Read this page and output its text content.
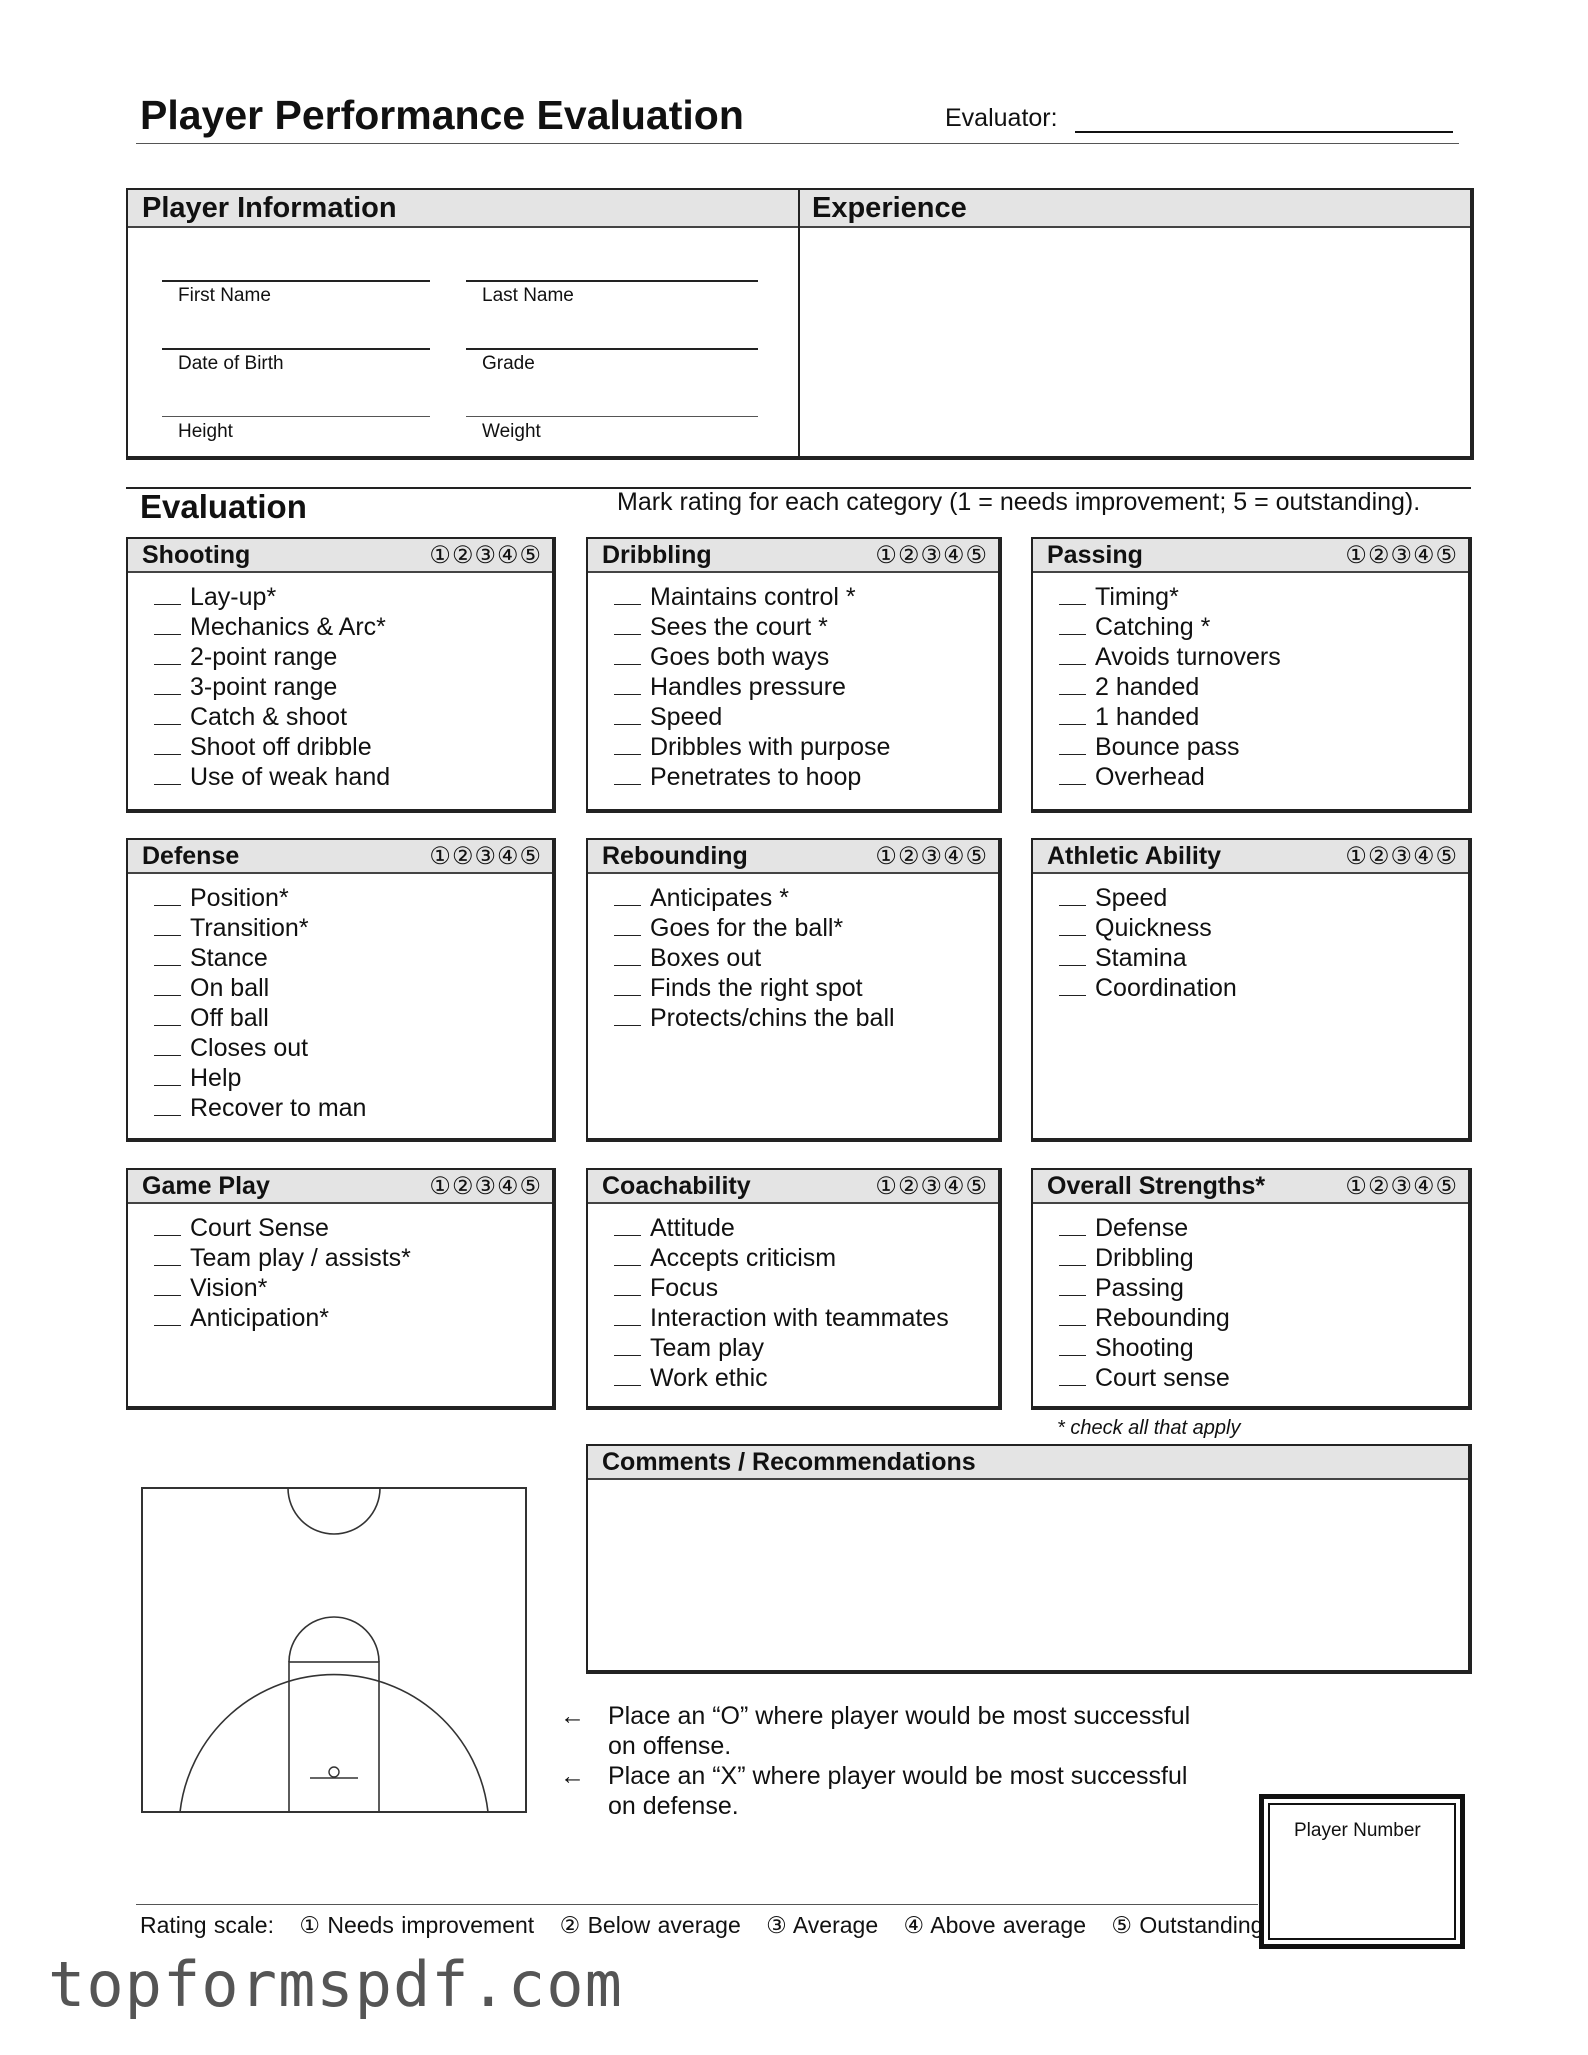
Player Performance Evaluation	Evaluator:
Player Information	Experience
First Name	Last Name
Date of Birth	Grade
Height	Weight
Evaluation	Mark rating for each category (1 = needs improvement; 5 = outstanding).
Shooting	①②③④⑤
Lay-up*
Mechanics & Arc*
2-point range
3-point range
Catch & shoot
Shoot off dribble
Use of weak hand
Dribbling	①②③④⑤
Maintains control *
Sees the court *
Goes both ways
Handles pressure
Speed
Dribbles with purpose
Penetrates to hoop
Passing	①②③④⑤
Timing*
Catching *
Avoids turnovers
2 handed
1 handed
Bounce pass
Overhead
Defense	①②③④⑤
Position*
Transition*
Stance
On ball
Off ball
Closes out
Help
Recover to man
Rebounding	①②③④⑤
Anticipates *
Goes for the ball*
Boxes out
Finds the right spot
Protects/chins the ball
Athletic Ability	①②③④⑤
Speed
Quickness
Stamina
Coordination
Game Play	①②③④⑤
Court Sense
Team play / assists*
Vision*
Anticipation*
Coachability	①②③④⑤
Attitude
Accepts criticism
Focus
Interaction with teammates
Team play
Work ethic
Overall Strengths*	①②③④⑤
Defense
Dribbling
Passing
Rebounding
Shooting
Court sense
* check all that apply
Comments / Recommendations
← Place an “O” where player would be most successful
on offense.
← Place an “X” where player would be most successful
on defense.
Player Number
Rating scale: ① Needs improvement ② Below average ③ Average ④ Above average ⑤ Outstanding
topformspdf.com
